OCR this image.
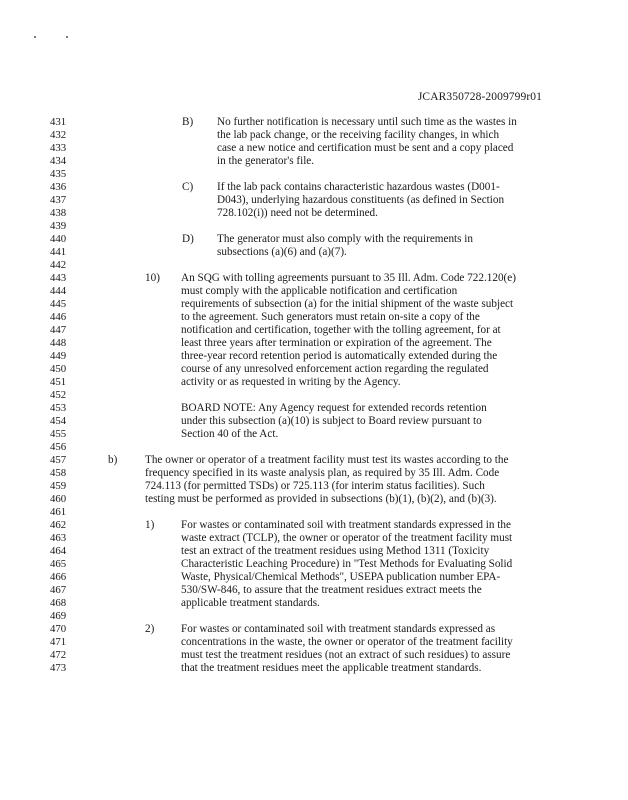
JCAR350728-2009799r01
431
432
433
434
435
436
437
438
439
440
441
442
443
444
445
446
447
448
449
450
451
452
453
454
455
456
457
458
459
460
461
462
463
464
465
466
467
468
469
470
471
472
473
B) No further notification is necessary until such time as the wastes in
the lab pack change, or the receiving facility changes, in which
case a new notice and certification must be sent and a copy placed
in the generator's file.
C) If the lab pack contains characteristic hazardous wastes (D001-
D043), underlying hazardous constituents (as defined in Section
728.102(i)) need not be determined.
D) The generator must also comply with the requirements in
subsections (a)(6) and (a)(7).
10) An SQG with tolling agreements pursuant to 35 Ill. Adm. Code 722.120(e)
must comply with the applicable notification and certification
requirements of subsection (a) for the initial shipment of the waste subject
to the agreement. Such generators must retain on-site a copy of the
notification and certification, together with the tolling agreement, for at
least three years after termination or expiration of the agreement. The
three-year record retention period is automatically extended during the
course of any unresolved enforcement action regarding the regulated
activity or as requested in writing by the Agency.
BOARD NOTE: Any Agency request for extended records retention
under this subsection (a)(10) is subject to Board review pursuant to
Section 40 of the Act.
b) The owner or operator of a treatment facility must test its wastes according to the
frequency specified in its waste analysis plan, as required by 35 Ill. Adm. Code
724.113 (for permitted TSDs) or 725.113 (for interim status facilities). Such
testing must be performed as provided in subsections (b)(1), (b)(2), and (b)(3).
1) For wastes or contaminated soil with treatment standards expressed in the
waste extract (TCLP), the owner or operator of the treatment facility must
test an extract of the treatment residues using Method 1311 (Toxicity
Characteristic Leaching Procedure) in "Test Methods for Evaluating Solid
Waste, Physical/Chemical Methods", USEPA publication number EPA-
530/SW-846, to assure that the treatment residues extract meets the
applicable treatment standards.
2) For wastes or contaminated soil with treatment standards expressed as
concentrations in the waste, the owner or operator of the treatment facility
must test the treatment residues (not an extract of such residues) to assure
that the treatment residues meet the applicable treatment standards.
